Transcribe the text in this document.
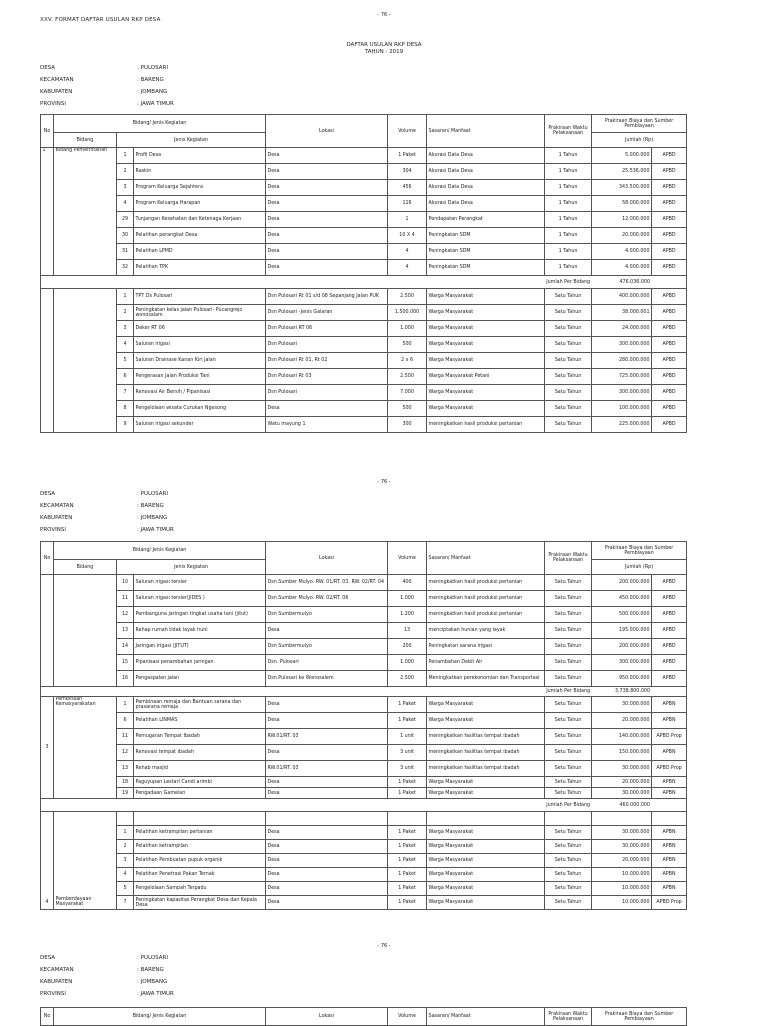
- 76 -
XXV. FORMAT DAFTAR USULAN RKP DESA
DAFTAR USULAN RKP DESA
TAHUN : 2019
DESA	: PULOSARI
KECAMATAN	: BARENG
KABUPATEN	: JOMBANG
PROVINSI	: JAWA TIMUR
No	Bidang/ Jenis Kegiatan			Lokasi	Volume	Sasaran/ Manfaat	Prakiraan Waktu Pelaksanaan	Prakiraan Biaya dan Sumber Pembiayaan	
	Bidang	Jenis Kegiatan						Jumlah (Rp)	
1	Bidang Pemerintahan	1	Profil Desa	Desa	1 Paket	Akurasi Data Desa	1 Tahun	5.000.000	APBD
		2	Raskin	Desa	304	Akurasi Data Desa	1 Tahun	25.536.000	APBD
		3	Program Keluarga Sejahtera	Desa	456	Akurasi Data Desa	1 Tahun	343.500.000	APBD
		4	Program Keluarga Harapan	Desa	116	Akurasi Data Desa	1 Tahun	58.000.000	APBD
		29	Tunjangan Kesehatan dan Ketenaga Kerjaan	Desa	1	Pendapatan Perangkat	1 Tahun	12.000.000	APBD
		30	Pelatihan perangkat Desa	Desa	10 X 4	Peningkatan SDM	1 Tahun	20.000.000	APBD
		31	Pelatihan LPMD	Desa	4	Peningkatan SDM	1 Tahun	4.000.000	APBD
		32	Pelatihan TPK	Desa	4	Peningkatan SDM	1 Tahun	4.000.000	APBD
Jumlah Per Bidang								476.036.000	
		1	TPT Ds Pulosari	Dsn Pulosari Rt 01 s/d 08 Sepanjang Jalan PUK	2.500	Warga Masyarakat	Satu Tahun	400.000.000	APBD
		2	Peningkatan kelas jalan Pulosari- Pucangrejo wonosalam	Dsn Pulosari -Jenis Galaran	1.500.000	Warga Masyarakat	Satu Tahun	38.000.001	APBD
		3	Deker RT 06	Dsn Pulosari RT 06	1.000	Warga Masyarakat	Satu Tahun	24.000.000	APBD
		4	Saluran irigasi	Dsn Pulosari	500	Warga Masyarakat	Satu Tahun	300.000.000	APBD
		5	Saluran Drainase Kanan Kiri Jalan	Dsn Pulosari Rt 01, Rt 02	2 x 6	Warga Masyarakat	Satu Tahun	280.000.000	APBD
		6	Pengerasan Jalan Produksi Tani	Dsn Pulosari Rt 03	2.500	Warga Masyarakat Petani	Satu Tahun	725.000.000	APBD
		7	Renovasi Air Bersih / Pipanisasi	Dsn Pulosari	7.000	Warga Masyarakat	Satu Tahun	300.000.000	APBD
		8	Pengelolaan wisata Curukan Ngesong	Desa	500	Warga Masyarakat	Satu Tahun	100.000.000	APBD
		9	Saluran irigasi sekunder	Watu mayung 1	300	meningkatkan hasil produksi pertanian	Satu Tahun	225.000.000	APBD
- 76 -
DESA	: PULOSARI
KECAMATAN	: BARENG
KABUPATEN	: JOMBANG
PROVINSI	: JAWA TIMUR
No	Bidang/ Jenis Kegiatan			Lokasi	Volume	Sasaran/ Manfaat	Prakiraan Waktu Pelaksanaan	Prakiraan Biaya dan Sumber Pembiayaan	
	Bidang	Jenis Kegiatan						Jumlah (Rp)	
		10	Saluran irigasi tersier	Dsn.Sumber Mulyo. RW. 01/RT. 03. RW. 02/RT. 04	400	meningkatkan hasil produksi pertanian	Satu Tahun	200.000.000	APBD
		11	Saluran irigasi tersier(JIDES )	Dsn.Sumber Mulyo. RW. 02/RT. 06	1.000	meningkatkan hasil produksi pertanian	Satu Tahun	450.000.000	APBD
		12	Pembanguna jaringan tingkat usaha tani (jitut)	Dsn Sumbermulyo	1.200	meningkatkan hasil produksi pertanian	Satu Tahun	500.000.000	APBD
		13	Rehap rumah tidak layak huni	Desa	13	menciptakan hunian yang layak	Satu Tahun	195.000.000	APBD
		14	Jaringan irigasi (JITUT)	Dsn Sumbermulyo	200	Peningkatan sarana irigasi	Satu Tahun	200.000.000	APBD
		15	Pipanisasi penambahan jaringan	Dsn. Pulosari	1.000	Penambahan Debit Air	Satu Tahun	300.000.000	APBD
		16	Pengaspalan jalan	Dsn.Pulosari ke Wonosalem	2.500	Meningkatkan perekonomian dan Transportasi	Satu Tahun	950.000.000	APBD
Jumlah Per Bidang								3.738.800.000	
3	Pembinaan Kemasyarakatan	1	Pembinaan remaja dan Bantuan sarana dan prasarana remaja	Desa	1 Paket	Warga Masyarakat	Setu Tahun	30.000.000	APBN
		6	Pelatihan LINMAS	Desa	1 Paket	Warga Masyarakat	Setu Tahun	20.000.000	APBN
		11	Pemugaran Tempat Ibadah	RW.01/RT. 03	1 unit	meningkatkan fasilitas tempat ibadah	Setu Tahun	140.000.000	APBD Prop
		12	Renovasi tempat ibadah	Desa	3 unit	meningkatkan fasilitas tempat ibadah	Setu Tahun	150.000.000	APBN
		13	Rehab masjid	RW.01/RT. 03	3 unit	meningkatkan fasilitas tempat ibadah	Setu Tahun	30.000.000	APBD Prop
		18	Paguyupan Lestari Candi arimbi	Desa	1 Paket	Warga Masyarakat	Setu Tahun	20.000.000	APBN
		19	Pengadaan Gamelan	Desa	1 Paket	Warga Masyarakat	Setu Tahun	30.000.000	APBN
Jumlah Per Bidang								460.000.000	
4	Pemberdayaan Masyarakat								
		1	Pelatihan ketrampilan pertanian	Desa	1 Paket	Warga Masyarakat	Setu Tahun	30.000.000	APBN
		2	Pelatihan ketrampilan	Desa	1 Paket	Warga Masyarakat	Setu Tahun	30.000.000	APBN
		3	Pelatihan Pembuatan pupuk organik	Desa	1 Paket	Warga Masyarakat	Setu Tahun	20.000.000	APBN
		4	Pelatihan Penetrasi Pakan Ternak	Desa	1 Paket	Warga Masyarakat	Setu Tahun	10.000.000	APBN
		5	Pengelolaan Sampah Terpadu	Desa	1 Paket	Warga Masyarakat	Setu Tahun	10.000.000	APBN
		7	Peningkatan kapasitas Perangkat Desa dan Kepala Desa	Desa	1 Paket	Warga Masyarakat	Setu Tahun	10.000.000	APBD Prop
- 76 -
DESA	: PULOSARI
KECAMATAN	: BARENG
KABUPATEN	: JOMBANG
PROVINSI	: JAWA TIMUR
No	Bidang/ Jenis Kegiatan	Lokasi	Volume	Sasaran/ Manfaat	Prakiraan Waktu Pelaksanaan	Prakiraan Biaya dan Sumber Pembiayaan
